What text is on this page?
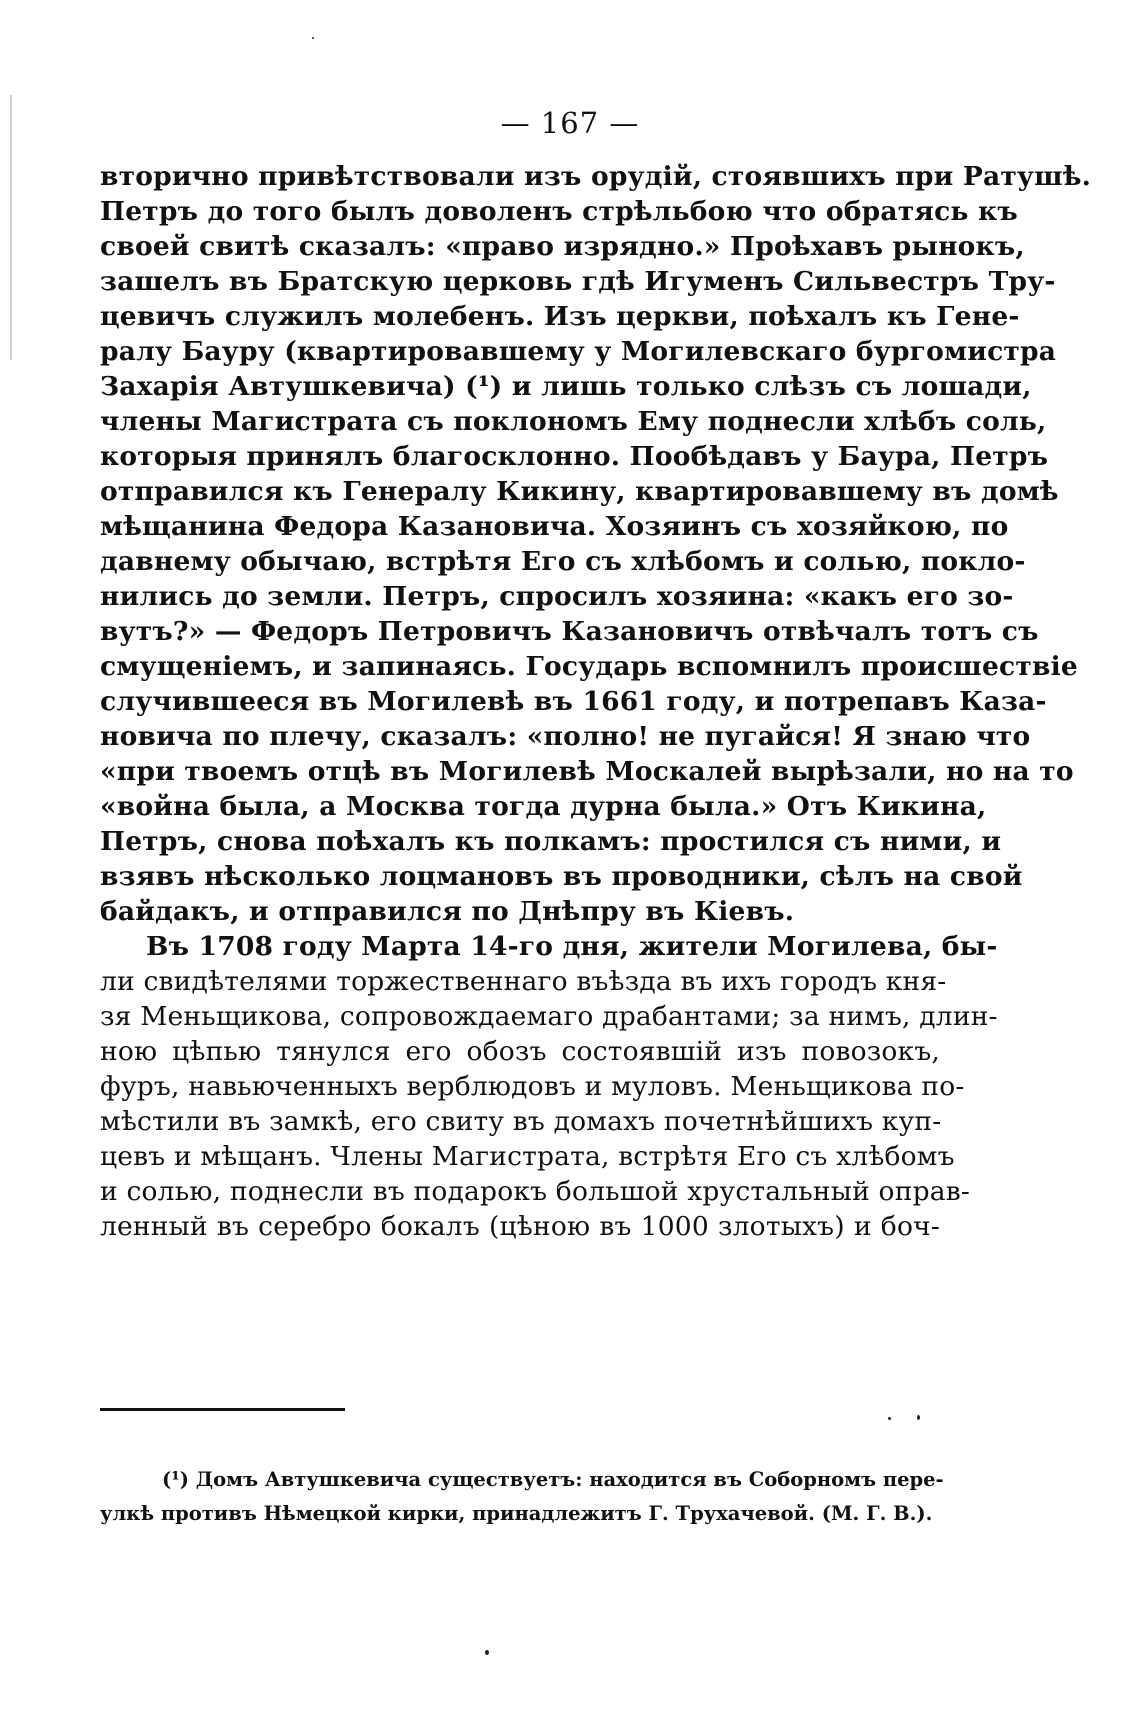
— 167 —
вторично привѣтствовали изъ орудій, стоявшихъ при Ратушѣ.
Петръ до того былъ доволенъ стрѣльбою что обратясь къ
своей свитѣ сказалъ: «право изрядно.» Проѣхавъ рынокъ,
зашелъ въ Братскую церковь гдѣ Игуменъ Сильвестръ Тру-
цевичъ служилъ молебенъ. Изъ церкви, поѣхалъ къ Гене-
ралу Бауру (квартировавшему у Могилевскаго бургомистра
Захарія Автушкевича) (¹) и лишь только слѣзъ съ лошади,
члены Магистрата съ поклономъ Ему поднесли хлѣбъ соль,
которыя принялъ благосклонно. Пообѣдавъ у Баура, Петръ
отправился къ Генералу Кикину, квартировавшему въ домѣ
мѣщанина Федора Казановича. Хозяинъ съ хозяйкою, по
давнему обычаю, встрѣтя Его съ хлѣбомъ и солью, покло-
нились до земли. Петръ, спросилъ хозяина: «какъ его зо-
вутъ?» — Федоръ Петровичъ Казановичъ отвѣчалъ тотъ съ
смущеніемъ, и запинаясь. Государь вспомнилъ происшествіе
случившееся въ Могилевѣ въ 1661 году, и потрепавъ Каза-
новича по плечу, сказалъ: «полно! не пугайся! Я знаю что
«при твоемъ отцѣ въ Могилевѣ Москалей вырѣзали, но на то
«война была, а Москва тогда дурна была.» Отъ Кикина,
Петръ, снова поѣхалъ къ полкамъ: простился съ ними, и
взявъ нѣсколько лоцмановъ въ проводники, сѣлъ на свой
байдакъ, и отправился по Днѣпру въ Кіевъ.
Въ 1708 году Марта 14-го дня, жители Могилева, бы-
ли свидѣтелями торжественнаго въѣзда въ ихъ городъ кня-
зя Меньщикова, сопровождаемаго драбантами; за нимъ, длин-
ною цѣпью тянулся его обозъ состоявшій изъ повозокъ,
фуръ, навьюченныхъ верблюдовъ и муловъ. Меньщикова по-
мѣстили въ замкѣ, его свиту въ домахъ почетнѣйшихъ куп-
цевъ и мѣщанъ. Члены Магистрата, встрѣтя Его съ хлѣбомъ
и солью, поднесли въ подарокъ большой хрустальный оправ-
ленный въ серебро бокалъ (цѣною въ 1000 злотыхъ) и боч-
(¹) Домъ Автушкевича существуетъ: находится въ Соборномъ пере-
улкѣ противъ Нѣмецкой кирки, принадлежитъ Г. Трухачевой. (М. Г. В.).
